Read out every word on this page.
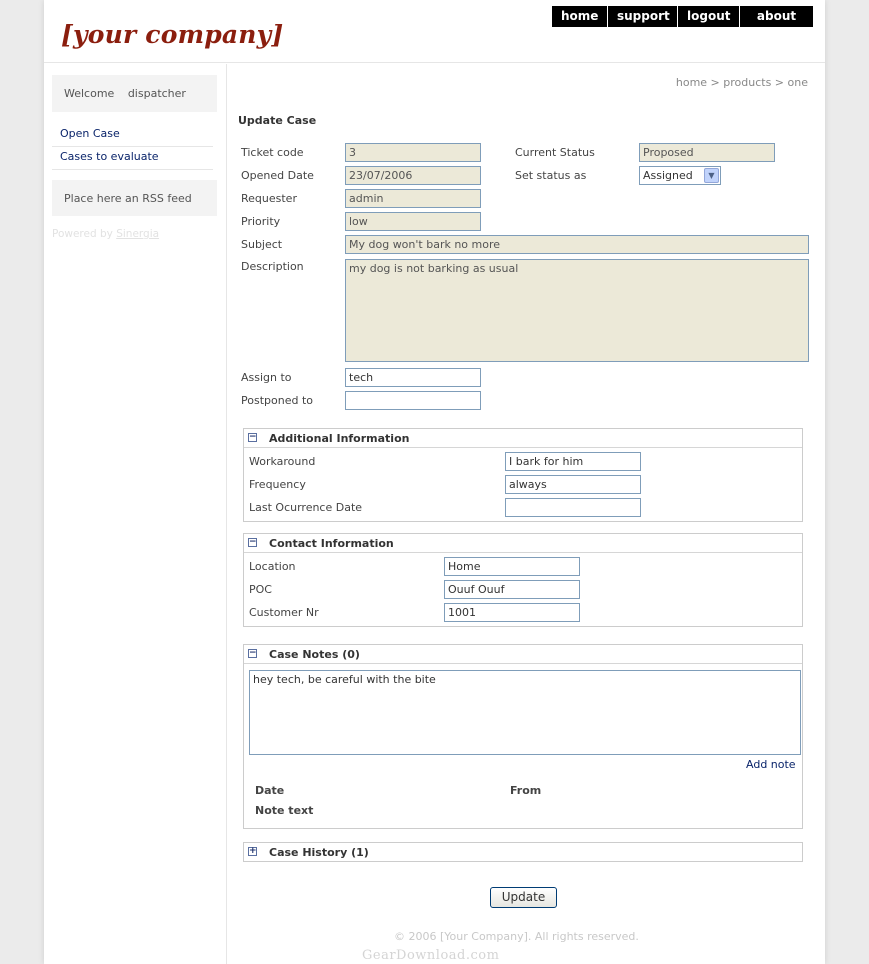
[your company]
home	support	logout	about us
Welcome dispatcher
Open Case
Cases to evaluate
Place here an RSS feed
Powered by Sinergia
home > products > one
Update Case
Ticket code	3
Opened Date	23/07/2006
Requester	admin
Priority	low
Current Status	Proposed
Set status as	Assigned	▼
Subject	My dog won't bark no more
Description	my dog is not barking as usual
Assign to	tech
Postponed to
− Additional Information
Workaround	I bark for him
Frequency	always
Last Ocurrence Date
− Contact Information
Location	Home
POC	Ouuf Ouuf
Customer Nr	1001
− Case Notes (0)
hey tech, be careful with the bite
Add note
Date	From
Note text
+ Case History (1)
Update
© 2006 [Your Company]. All rights reserved.
GearDownload.com
